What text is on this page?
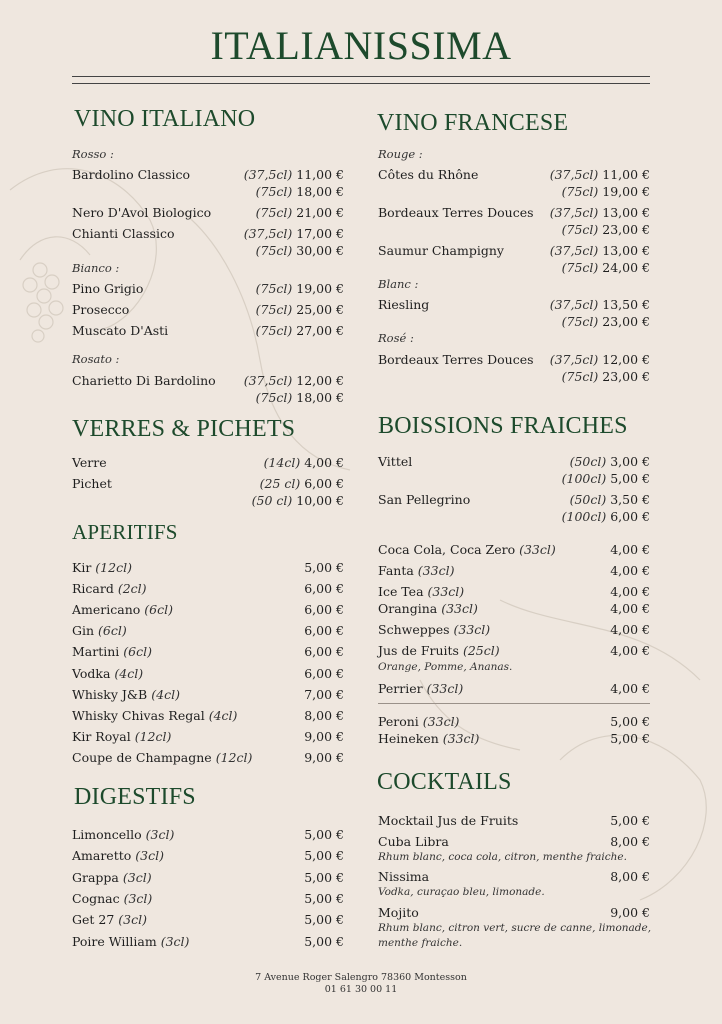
ITALIANISSIMA
VINO ITALIANO
Rosso :
Bardolino Classico	(37,5cl) 11,00 €
(75cl) 18,00 €
Nero D'Avol Biologico	(75cl) 21,00 €
Chianti Classico	(37,5cl) 17,00 €
(75cl) 30,00 €
Bianco :
Pino Grigio	(75cl) 19,00 €
Prosecco	(75cl) 25,00 €
Muscato D'Asti	(75cl) 27,00 €
Rosato :
Charietto Di Bardolino (37,5cl) 12,00 €
(75cl) 18,00 €
VERRES & PICHETS
Verre	(14cl) 4,00 €
Pichet	(25 cl) 6,00 €
(50 cl) 10,00 €
APERITIFS
Kir (12cl)	5,00 €
Ricard (2cl)	6,00 €
Americano (6cl)	6,00 €
Gin (6cl)	6,00 €
Martini (6cl)	6,00 €
Vodka (4cl)	6,00 €
Whisky J&B (4cl)	7,00 €
Whisky Chivas Regal (4cl)	8,00 €
Kir Royal (12cl)	9,00 €
Coupe de Champagne (12cl)	9,00 €
DIGESTIFS
Limoncello (3cl)	5,00 €
Amaretto (3cl)	5,00 €
Grappa (3cl)	5,00 €
Cognac (3cl)	5,00 €
Get 27 (3cl)	5,00 €
Poire William (3cl)	5,00 €
VINO FRANCESE
Rouge :
Côtes du Rhône	(37,5cl) 11,00 €
(75cl) 19,00 €
Bordeaux Terres Douces (37,5cl) 13,00 €
(75cl) 23,00 €
Saumur Champigny	(37,5cl) 13,00 €
(75cl) 24,00 €
Blanc :
Riesling	(37,5cl) 13,50 €
(75cl) 23,00 €
Rosé :
Bordeaux Terres Douces (37,5cl) 12,00 €
(75cl) 23,00 €
BOISSIONS FRAICHES
Vittel	(50cl) 3,00 €
(100cl) 5,00 €
San Pellegrino	(50cl) 3,50 €
(100cl) 6,00 €
Coca Cola, Coca Zero (33cl)	4,00 €
Fanta (33cl)	4,00 €
Ice Tea (33cl)	4,00 €
Orangina (33cl)	4,00 €
Schweppes (33cl)	4,00 €
Jus de Fruits (25cl)	4,00 €
Orange, Pomme, Ananas.
Perrier (33cl)	4,00 €
Peroni (33cl)	5,00 €
Heineken (33cl)	5,00 €
COCKTAILS
Mocktail Jus de Fruits	5,00 €
Cuba Libra	8,00 €
Rhum blanc, coca cola, citron, menthe fraiche.
Nissima	8,00 €
Vodka, curaçao bleu, limonade.
Mojito	9,00 €
Rhum blanc, citron vert, sucre de canne, limonade,
menthe fraiche.
7 Avenue Roger Salengro 78360 Montesson
01 61 30 00 11
